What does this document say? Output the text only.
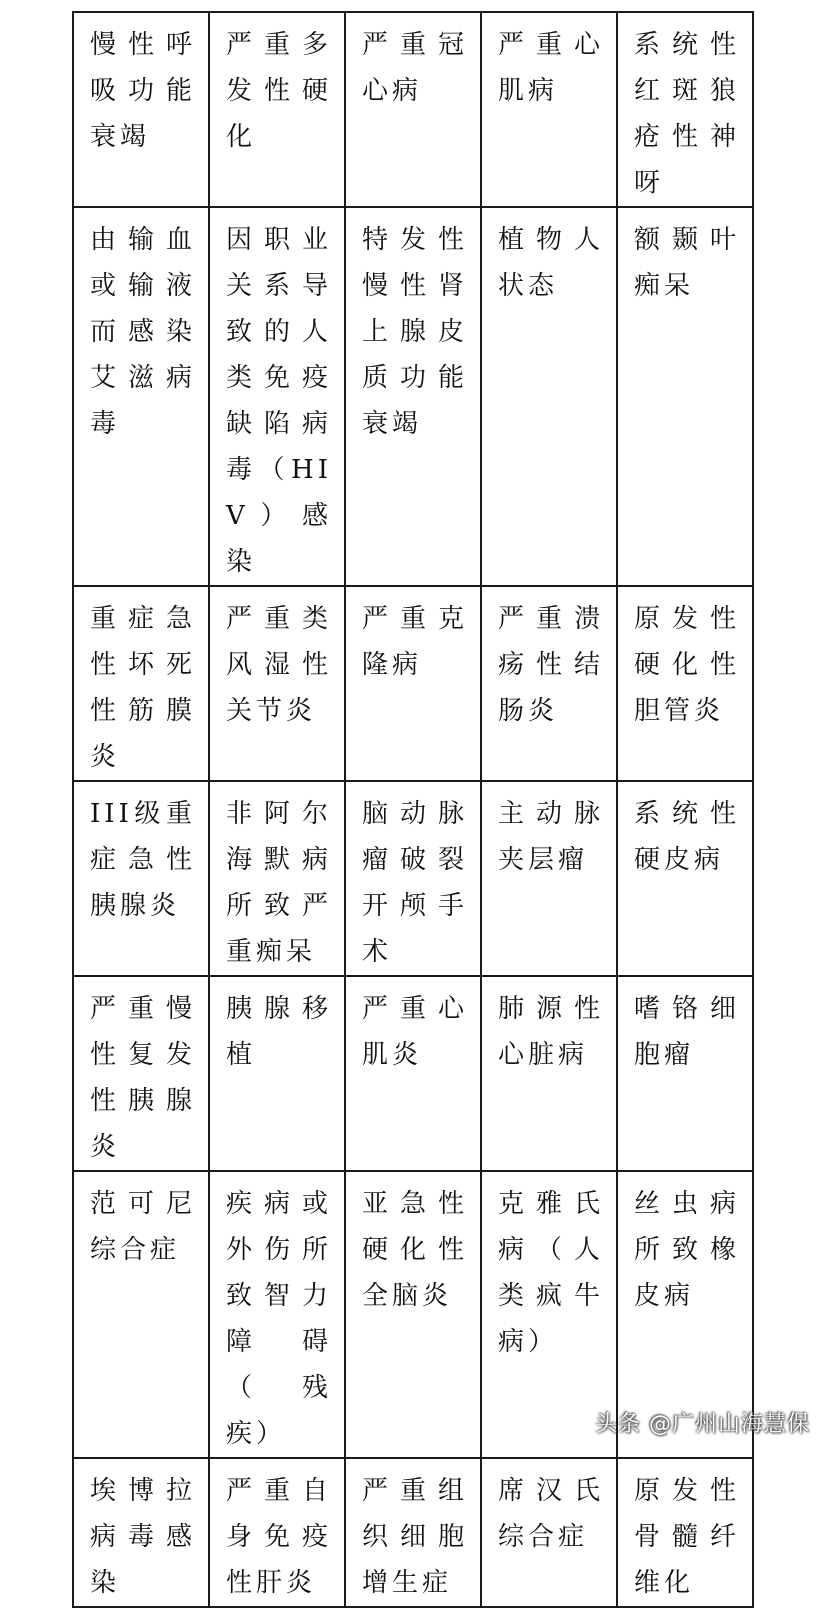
慢性呼吸功能衰竭	严重多发性硬化	严重冠心病	严重心肌病	系统性红斑狼疮性神呀
由输血或输液而感染艾滋病毒	因职业关系导致的人类免疫缺陷病毒（HIV）感染	特发性慢性肾上腺皮质功能衰竭	植物人状态	额颞叶痴呆
重症急性坏死性筋膜炎	严重类风湿性关节炎	严重克隆病	严重溃疡性结肠炎	原发性硬化性胆管炎
III级重症急性胰腺炎	非阿尔海默病所致严重痴呆	脑动脉瘤破裂开颅手术	主动脉夹层瘤	系统性硬皮病
严重慢性复发性胰腺炎	胰腺移植	严重心肌炎	肺源性心脏病	嗜铬细胞瘤
范可尼综合症	疾病或外伤所致智力障碍（残疾）	亚急性硬化性全脑炎	克雅氏病（人类疯牛病）	丝虫病所致橡皮病
埃博拉病毒感染	严重自身免疫性肝炎	严重组织细胞增生症	席汉氏综合症	原发性骨髓纤维化
头条 @广州山海慧保
